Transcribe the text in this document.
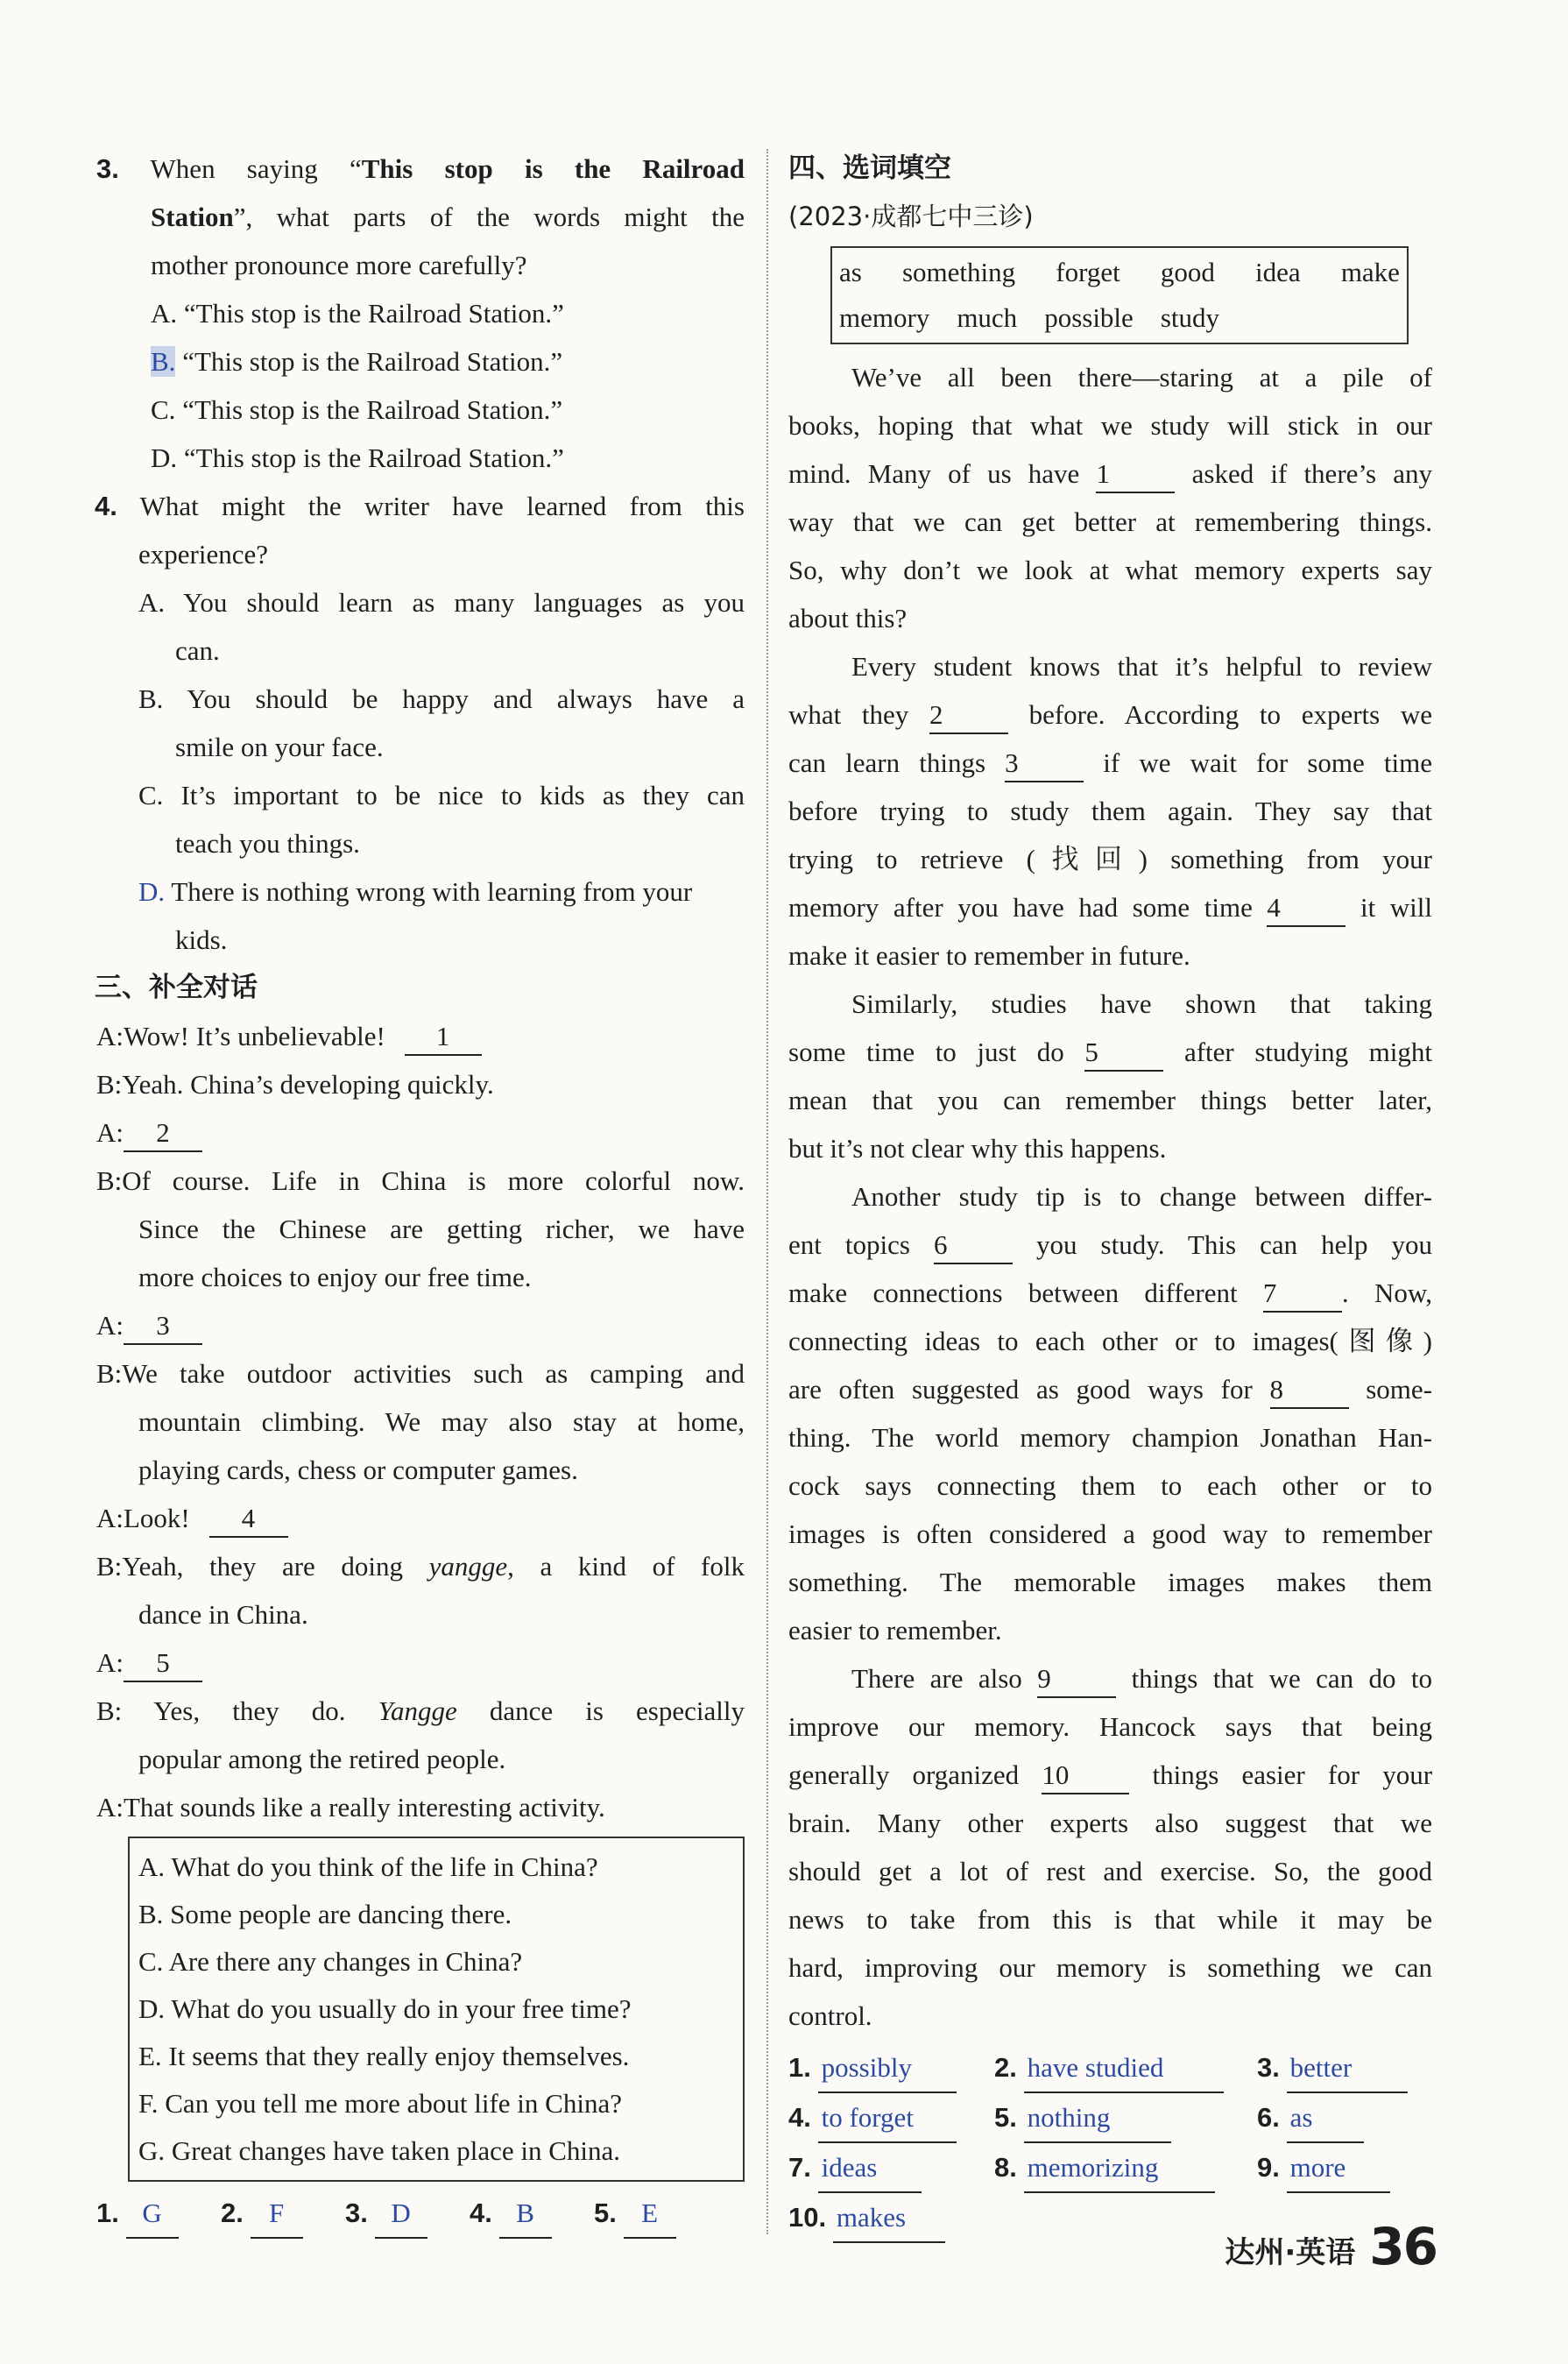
3. When saying “This stop is the Railroad
Station”, what parts of the words might the
mother pronounce more carefully?
A. “This stop is the Railroad Station.”
B. “This stop is the Railroad Station.”
C. “This stop is the Railroad Station.”
D. “This stop is the Railroad Station.”
4. What might the writer have learned from this
experience?
A. You should learn as many languages as you
can.
B. You should be happy and always have a
smile on your face.
C. It’s important to be nice to kids as they can
teach you things.
D. There is nothing wrong with learning from your
kids.
三、补全对话
A:Wow! It’s unbelievable! 1
B:Yeah. China’s developing quickly.
A: 2
B:Of course. Life in China is more colorful now.
Since the Chinese are getting richer, we have
more choices to enjoy our free time.
A: 3
B:We take outdoor activities such as camping and
mountain climbing. We may also stay at home,
playing cards, chess or computer games.
A:Look! 4
B:Yeah, they are doing yangge, a kind of folk
dance in China.
A: 5
B: Yes, they do. Yangge dance is especially
popular among the retired people.
A:That sounds like a really interesting activity.
A. What do you think of the life in China?
B. Some people are dancing there.
C. Are there any changes in China?
D. What do you usually do in your free time?
E. It seems that they really enjoy themselves.
F. Can you tell me more about life in China?
G. Great changes have taken place in China.
1. G	2. F	3. D	4. B	5. E
四、选词填空
(2023·成都七中三诊)
as something forget good idea make
memory much possible study
We’ve all been there—staring at a pile of
books, hoping that what we study will stick in our
mind. Many of us have 1	asked if there’s any
way that we can get better at remembering things.
So, why don’t we look at what memory experts say
about this?
Every student knows that it’s helpful to review
what they 2	before. According to experts we
can learn things 3	if we wait for some time
before trying to study them again. They say that
trying to retrieve (找回) something from your
memory after you have had some time 4	it will
make it easier to remember in future.
Similarly, studies have shown that taking
some time to just do 5	after studying might
mean that you can remember things better later,
but it’s not clear why this happens.
Another study tip is to change between differ-
ent topics 6	you study. This can help you
make connections between different 7 . Now,
connecting ideas to each other or to images(图像)
are often suggested as good ways for 8	some-
thing. The world memory champion Jonathan Han-
cock says connecting them to each other or to
images is often considered a good way to remember
something. The memorable images makes them
easier to remember.
There are also 9	things that we can do to
improve our memory. Hancock says that being
generally organized 10	things easier for your
brain. Many other experts also suggest that we
should get a lot of rest and exercise. So, the good
news to take from this is that while it may be
hard, improving our memory is something we can
control.
1. possibly	2. have studied	3. better
4. to forget	5. nothing	6. as
7. ideas	8. memorizing	9. more
10. makes
达州·英语 36
